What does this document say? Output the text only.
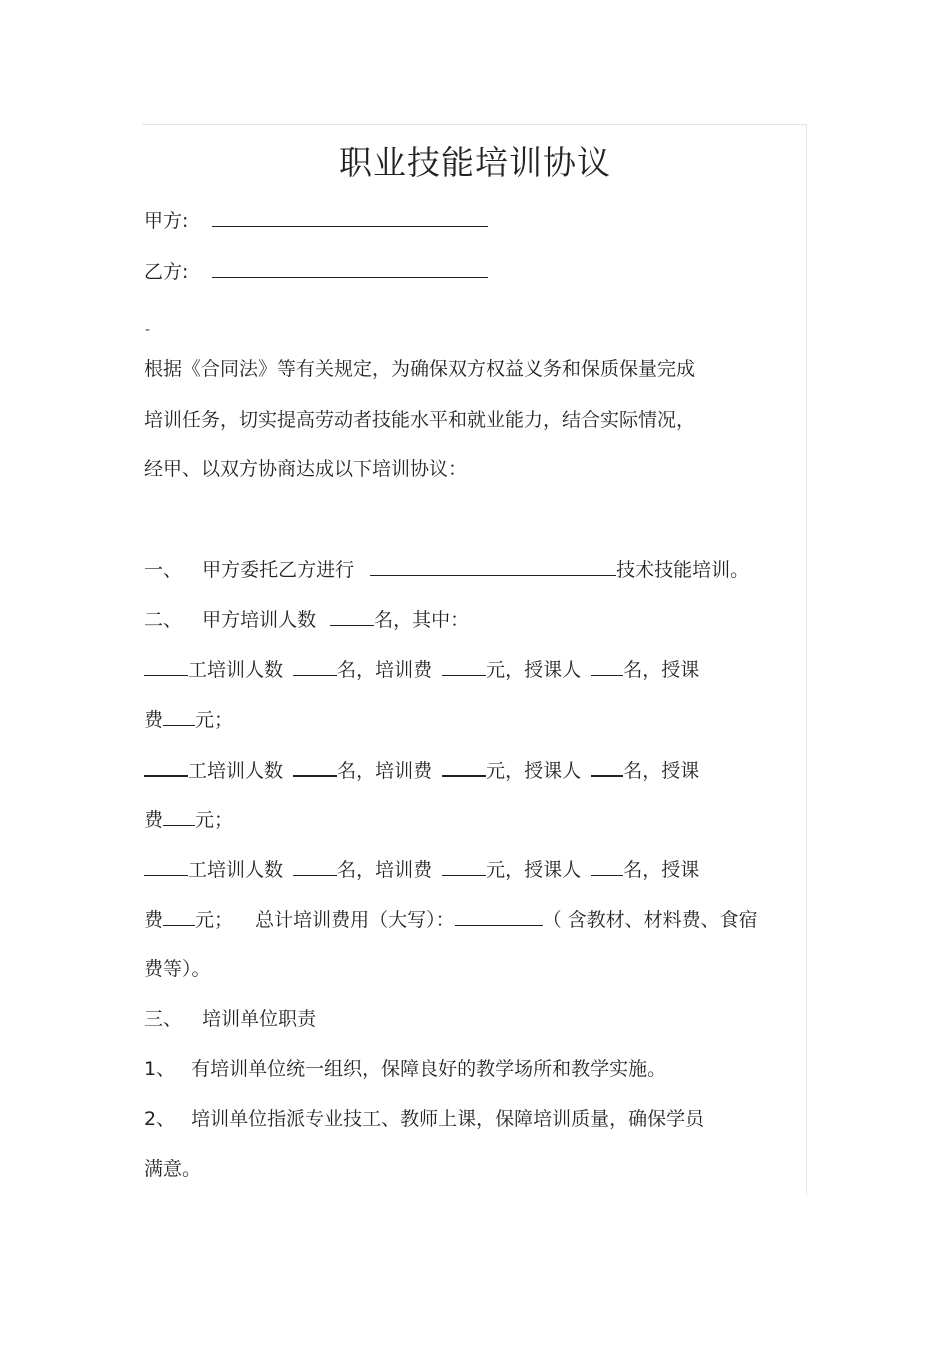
职业技能培训协议
甲方:
乙方:
-
根据《合同法》等有关规定，为确保双方权益义务和保质保量完成
培训任务，切实提高劳动者技能水平和就业能力，结合实际情况，
经甲、以双方协商达成以下培训协议：
一、 甲方委托乙方进行	技术技能培训。
二、 甲方培训人数	名，其中：
工培训人数	名，培训费	元，授课人 名，授课
费 元；
工培训人数	名，培训费	元，授课人 名，授课
费 元；
工培训人数	名，培训费	元，授课人 名，授课
费 元； 总计培训费用（大写）：	（ 含教材、材料费、食宿
费等）。
三、 培训单位职责
1、 有培训单位统一组织，保障良好的教学场所和教学实施。
2、 培训单位指派专业技工、教师上课，保障培训质量，确保学员
满意。
